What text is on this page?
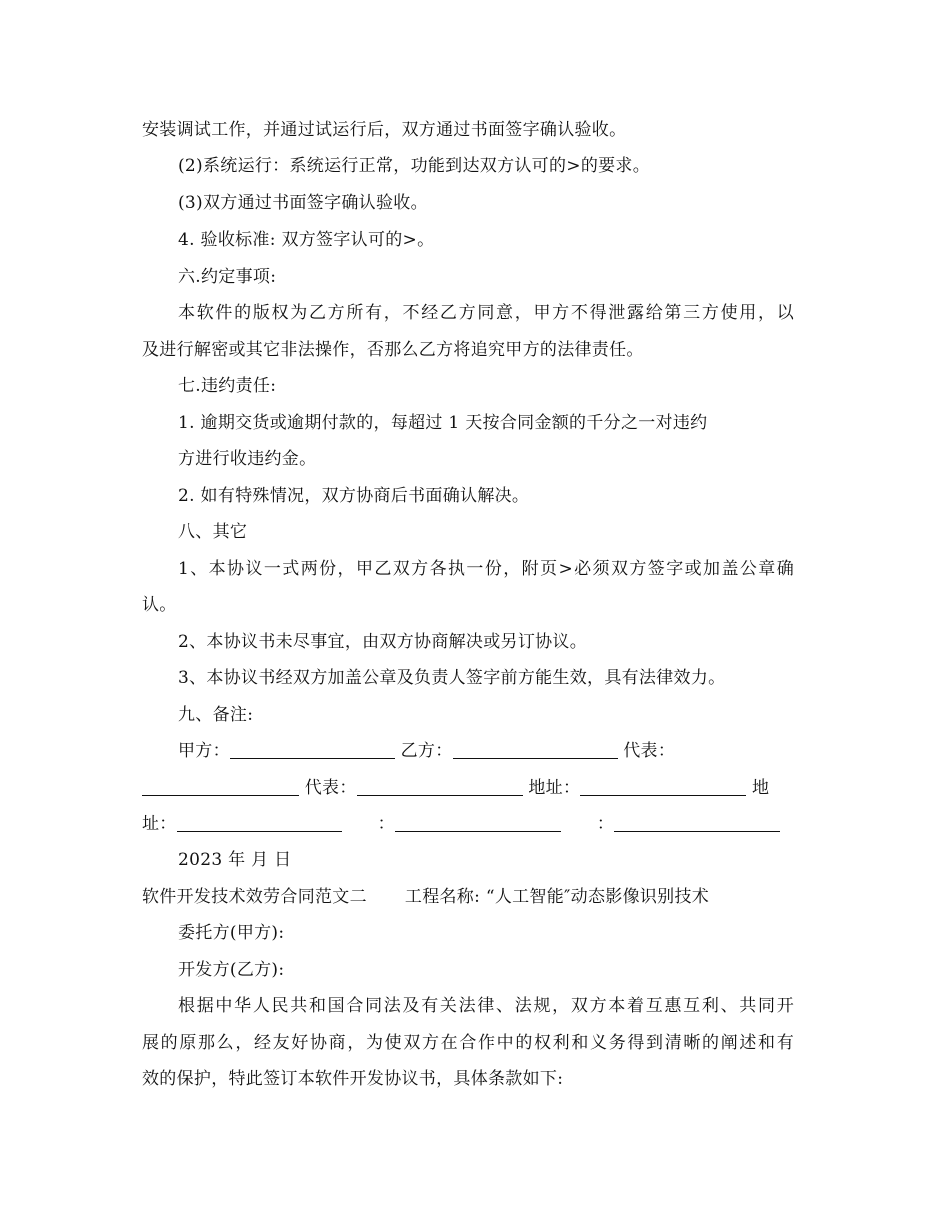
安装调试工作，并通过试运行后，双方通过书面签字确认验收。
(2)系统运行：系统运行正常，功能到达双方认可的>的要求。
(3)双方通过书面签字确认验收。
4. 验收标准: 双方签字认可的>。
六.约定事项:
本软件的版权为乙方所有，不经乙方同意，甲方不得泄露给第三方使用，以
及进行解密或其它非法操作，否那么乙方将追究甲方的法律责任。
七.违约责任:
1. 逾期交货或逾期付款的，每超过 1 天按合同金额的千分之一对违约
方进行收违约金。
2. 如有特殊情况，双方协商后书面确认解决。
八、其它
1、本协议一式两份，甲乙双方各执一份，附页>必须双方签字或加盖公章确
认。
2、本协议书未尽事宜，由双方协商解决或另订协议。
3、本协议书经双方加盖公章及负责人签字前方能生效，具有法律效力。
九、备注:
甲方：	乙方：	代表：
代表：	地址：	地
址：	：	：
2023 年 月 日
软件开发技术效劳合同范文二 工程名称: “人工智能″动态影像识别技术
委托方(甲方):
开发方(乙方):
根据中华人民共和国合同法及有关法律、法规，双方本着互惠互利、共同开
展的原那么，经友好协商，为使双方在合作中的权利和义务得到清晰的阐述和有
效的保护，特此签订本软件开发协议书，具体条款如下:
